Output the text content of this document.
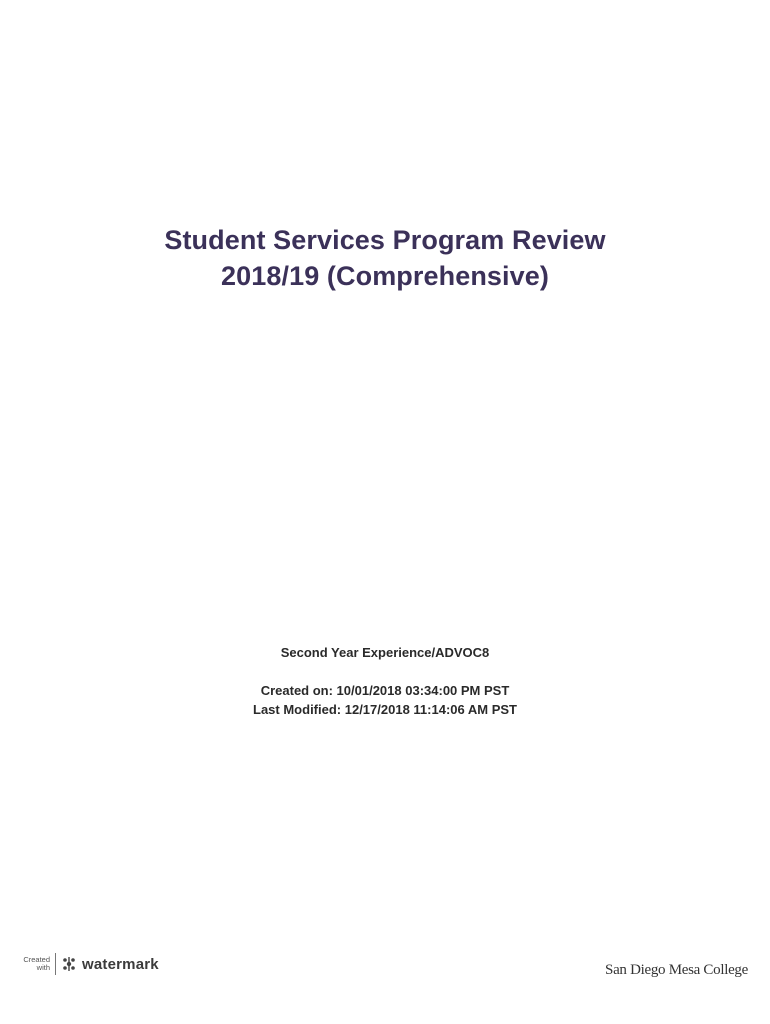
Student Services Program Review
2018/19 (Comprehensive)
Second Year Experience/ADVOC8
Created on: 10/01/2018 03:34:00 PM PST
Last Modified: 12/17/2018 11:14:06 AM PST
Created
with watermark	San Diego Mesa College
